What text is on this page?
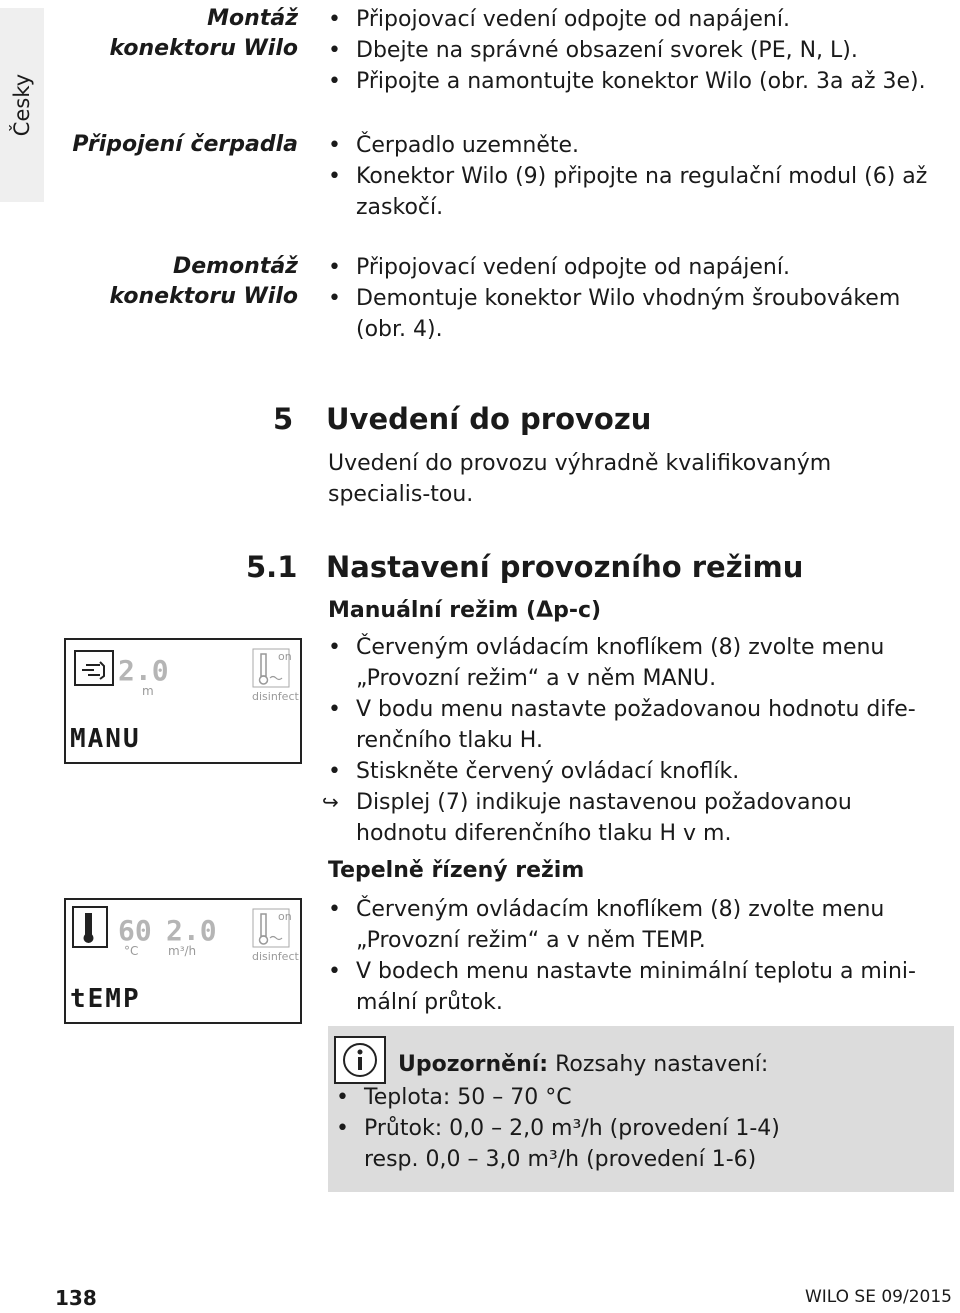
Česky
Montáž
konektoru Wilo
• Připojovací vedení odpojte od napájení.
• Dbejte na správné obsazení svorek (PE, N, L).
• Připojte a namontujte konektor Wilo (obr. 3a až 3e).
Připojení čerpadla
•	Čerpadlo uzemněte.
• Konektor Wilo (9) připojte na regulační modul (6) až zaskočí.
Demontáž
konektoru Wilo
• Připojovací vedení odpojte od napájení.
• Demontuje konektor Wilo vhodným šroubovákem (obr. 4).
5 Uvedení do provozu
Uvedení do provozu výhradně kvalifikovaným specialis-tou.
5.1 Nastavení provozního režimu
Manuální režim (Δp-c)
• Červeným ovládacím knoflíkem (8) zvolte menu „Provozní režim“ a v něm MANU.
• V bodu menu nastavte požadovanou hodnotu dife-renčního tlaku H.
• Stiskněte červený ovládací knoflík.
↪ Displej (7) indikuje nastavenou požadovanou hodnotu diferenčního tlaku H v m.
Tepelně řízený režim
• Červeným ovládacím knoflíkem (8) zvolte menu „Provozní režim“ a v něm TEMP.
• V bodech menu nastavte minimální teplotu a mini-mální průtok.
2.0
m
on
disinfect
MANU
60
°C
2.0
m³/h
on
disinfect
tEMP
Upozornění: Rozsahy nastavení:
• Teplota: 50 – 70 °C
• Průtok: 0,0 – 2,0 m³/h (provedení 1-4) resp. 0,0 – 3,0 m³/h (provedení 1-6)
138	WILO SE 09/2015
